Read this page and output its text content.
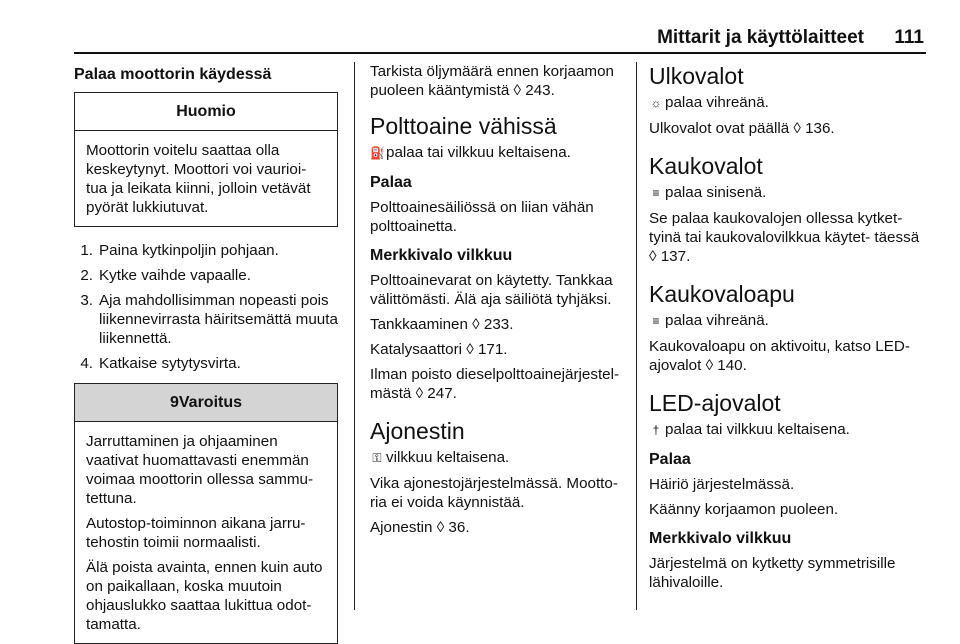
Mittarit ja käyttölaitteet 111
Palaa moottorin käydessä
Huomio

Moottorin voitelu saattaa olla keskeytynyt. Moottori voi vaurioi- tua ja leikata kiinni, jolloin vetävät pyörät lukkiutuvat.

1. Paina kytkinpoljin pohjaan.
2. Kytke vaihde vapaalle.
3. Aja mahdollisimman nopeasti pois liikennevirrasta häiritsemättä muuta liikennettä.
4. Katkaise sytytysvirta.
9Varoitus

Jarruttaminen ja ohjaaminen vaativat huomattavasti enemmän voimaa moottorin ollessa sammu- tettuna.

Autostop-toiminnon aikana jarru- tehostin toimii normaalisti.

Älä poista avainta, ennen kuin auto on paikallaan, koska muutoin ohjauslukko saattaa lukittua odot- tamatta.

Tarkista öljymäärä ennen korjaamon puoleen kääntymistä ◊ 243.

Polttoaine vähissä

⛽palaa tai vilkkuu keltaisena.

Palaa

Polttoainesäiliössä on liian vähän polttoainetta.

Merkkivalo vilkkuu

Polttoainevarat on käytetty. Tankkaa välittömästi. Älä aja säiliötä tyhjäksi.

Tankkaaminen ◊ 233.

Katalysaattori ◊ 171.

Ilman poisto dieselpolttoainejärjestel- mästä ◊ 247.

Ajonestin

⚿ vilkkuu keltaisena.

Vika ajonestojärjestelmässä. Mootto- ria ei voida käynnistää.

Ajonestin ◊ 36.

Ulkovalot

☼ palaa vihreänä.

Ulkovalot ovat päällä ◊ 136.

Kaukovalot

≡ palaa sinisenä.

Se palaa kaukovalojen ollessa kytket- tyinä tai kaukovalovilkkua käytet- täessä ◊ 137.

Kaukovaloapu

≡ palaa vihreänä.

Kaukovaloapu on aktivoitu, katso LED-ajovalot ◊ 140.

LED-ajovalot

† palaa tai vilkkuu keltaisena.

Palaa

Häiriö järjestelmässä.

Käänny korjaamon puoleen.

Merkkivalo vilkkuu

Järjestelmä on kytketty symmetrisille lähivaloille.
